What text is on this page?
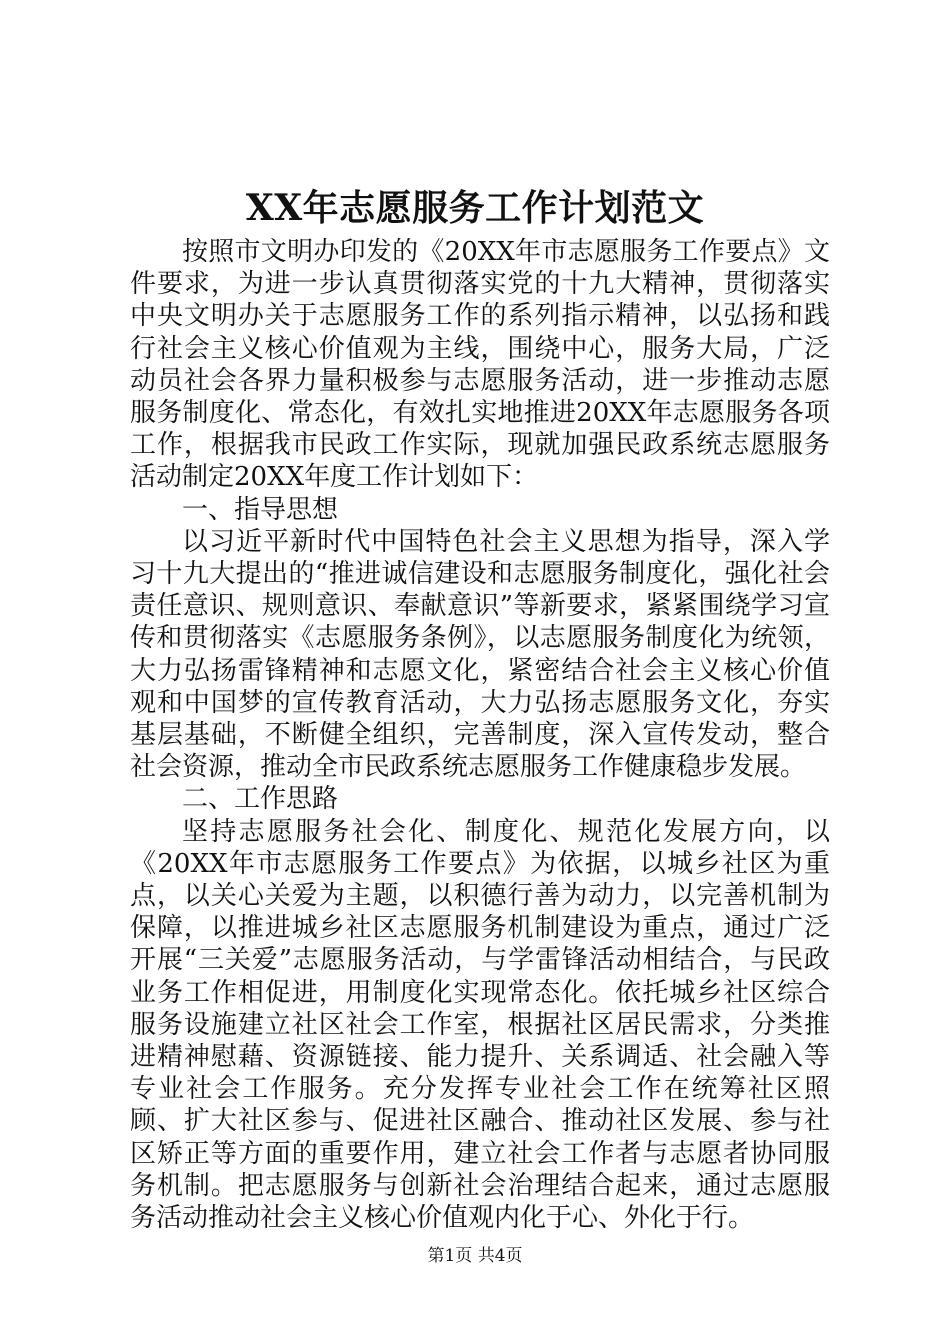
XX年志愿服务工作计划范文

按照市文明办印发的《20XX年市志愿服务工作要点》文件要求，为进一步认真贯彻落实党的十九大精神，贯彻落实中央文明办关于志愿服务工作的系列指示精神，以弘扬和践行社会主义核心价值观为主线，围绕中心，服务大局，广泛动员社会各界力量积极参与志愿服务活动，进一步推动志愿服务制度化、常态化，有效扎实地推进20XX年志愿服务各项工作，根据我市民政工作实际，现就加强民政系统志愿服务活动制定20XX年度工作计划如下：

一、指导思想

以习近平新时代中国特色社会主义思想为指导，深入学习十九大提出的“推进诚信建设和志愿服务制度化，强化社会责任意识、规则意识、奉献意识”等新要求，紧紧围绕学习宣传和贯彻落实《志愿服务条例》，以志愿服务制度化为统领，大力弘扬雷锋精神和志愿文化，紧密结合社会主义核心价值观和中国梦的宣传教育活动，大力弘扬志愿服务文化，夯实基层基础，不断健全组织，完善制度，深入宣传发动，整合社会资源，推动全市民政系统志愿服务工作健康稳步发展。

二、工作思路

坚持志愿服务社会化、制度化、规范化发展方向，以《20XX年市志愿服务工作要点》为依据，以城乡社区为重点，以关心关爱为主题，以积德行善为动力，以完善机制为保障，以推进城乡社区志愿服务机制建设为重点，通过广泛开展“三关爱”志愿服务活动，与学雷锋活动相结合，与民政业务工作相促进，用制度化实现常态化。依托城乡社区综合服务设施建立社区社会工作室，根据社区居民需求，分类推进精神慰藉、资源链接、能力提升、关系调适、社会融入等专业社会工作服务。充分发挥专业社会工作在统筹社区照顾、扩大社区参与、促进社区融合、推动社区发展、参与社区矫正等方面的重要作用，建立社会工作者与志愿者协同服务机制。把志愿服务与创新社会治理结合起来，通过志愿服务活动推动社会主义核心价值观内化于心、外化于行。

第1页 共4页
